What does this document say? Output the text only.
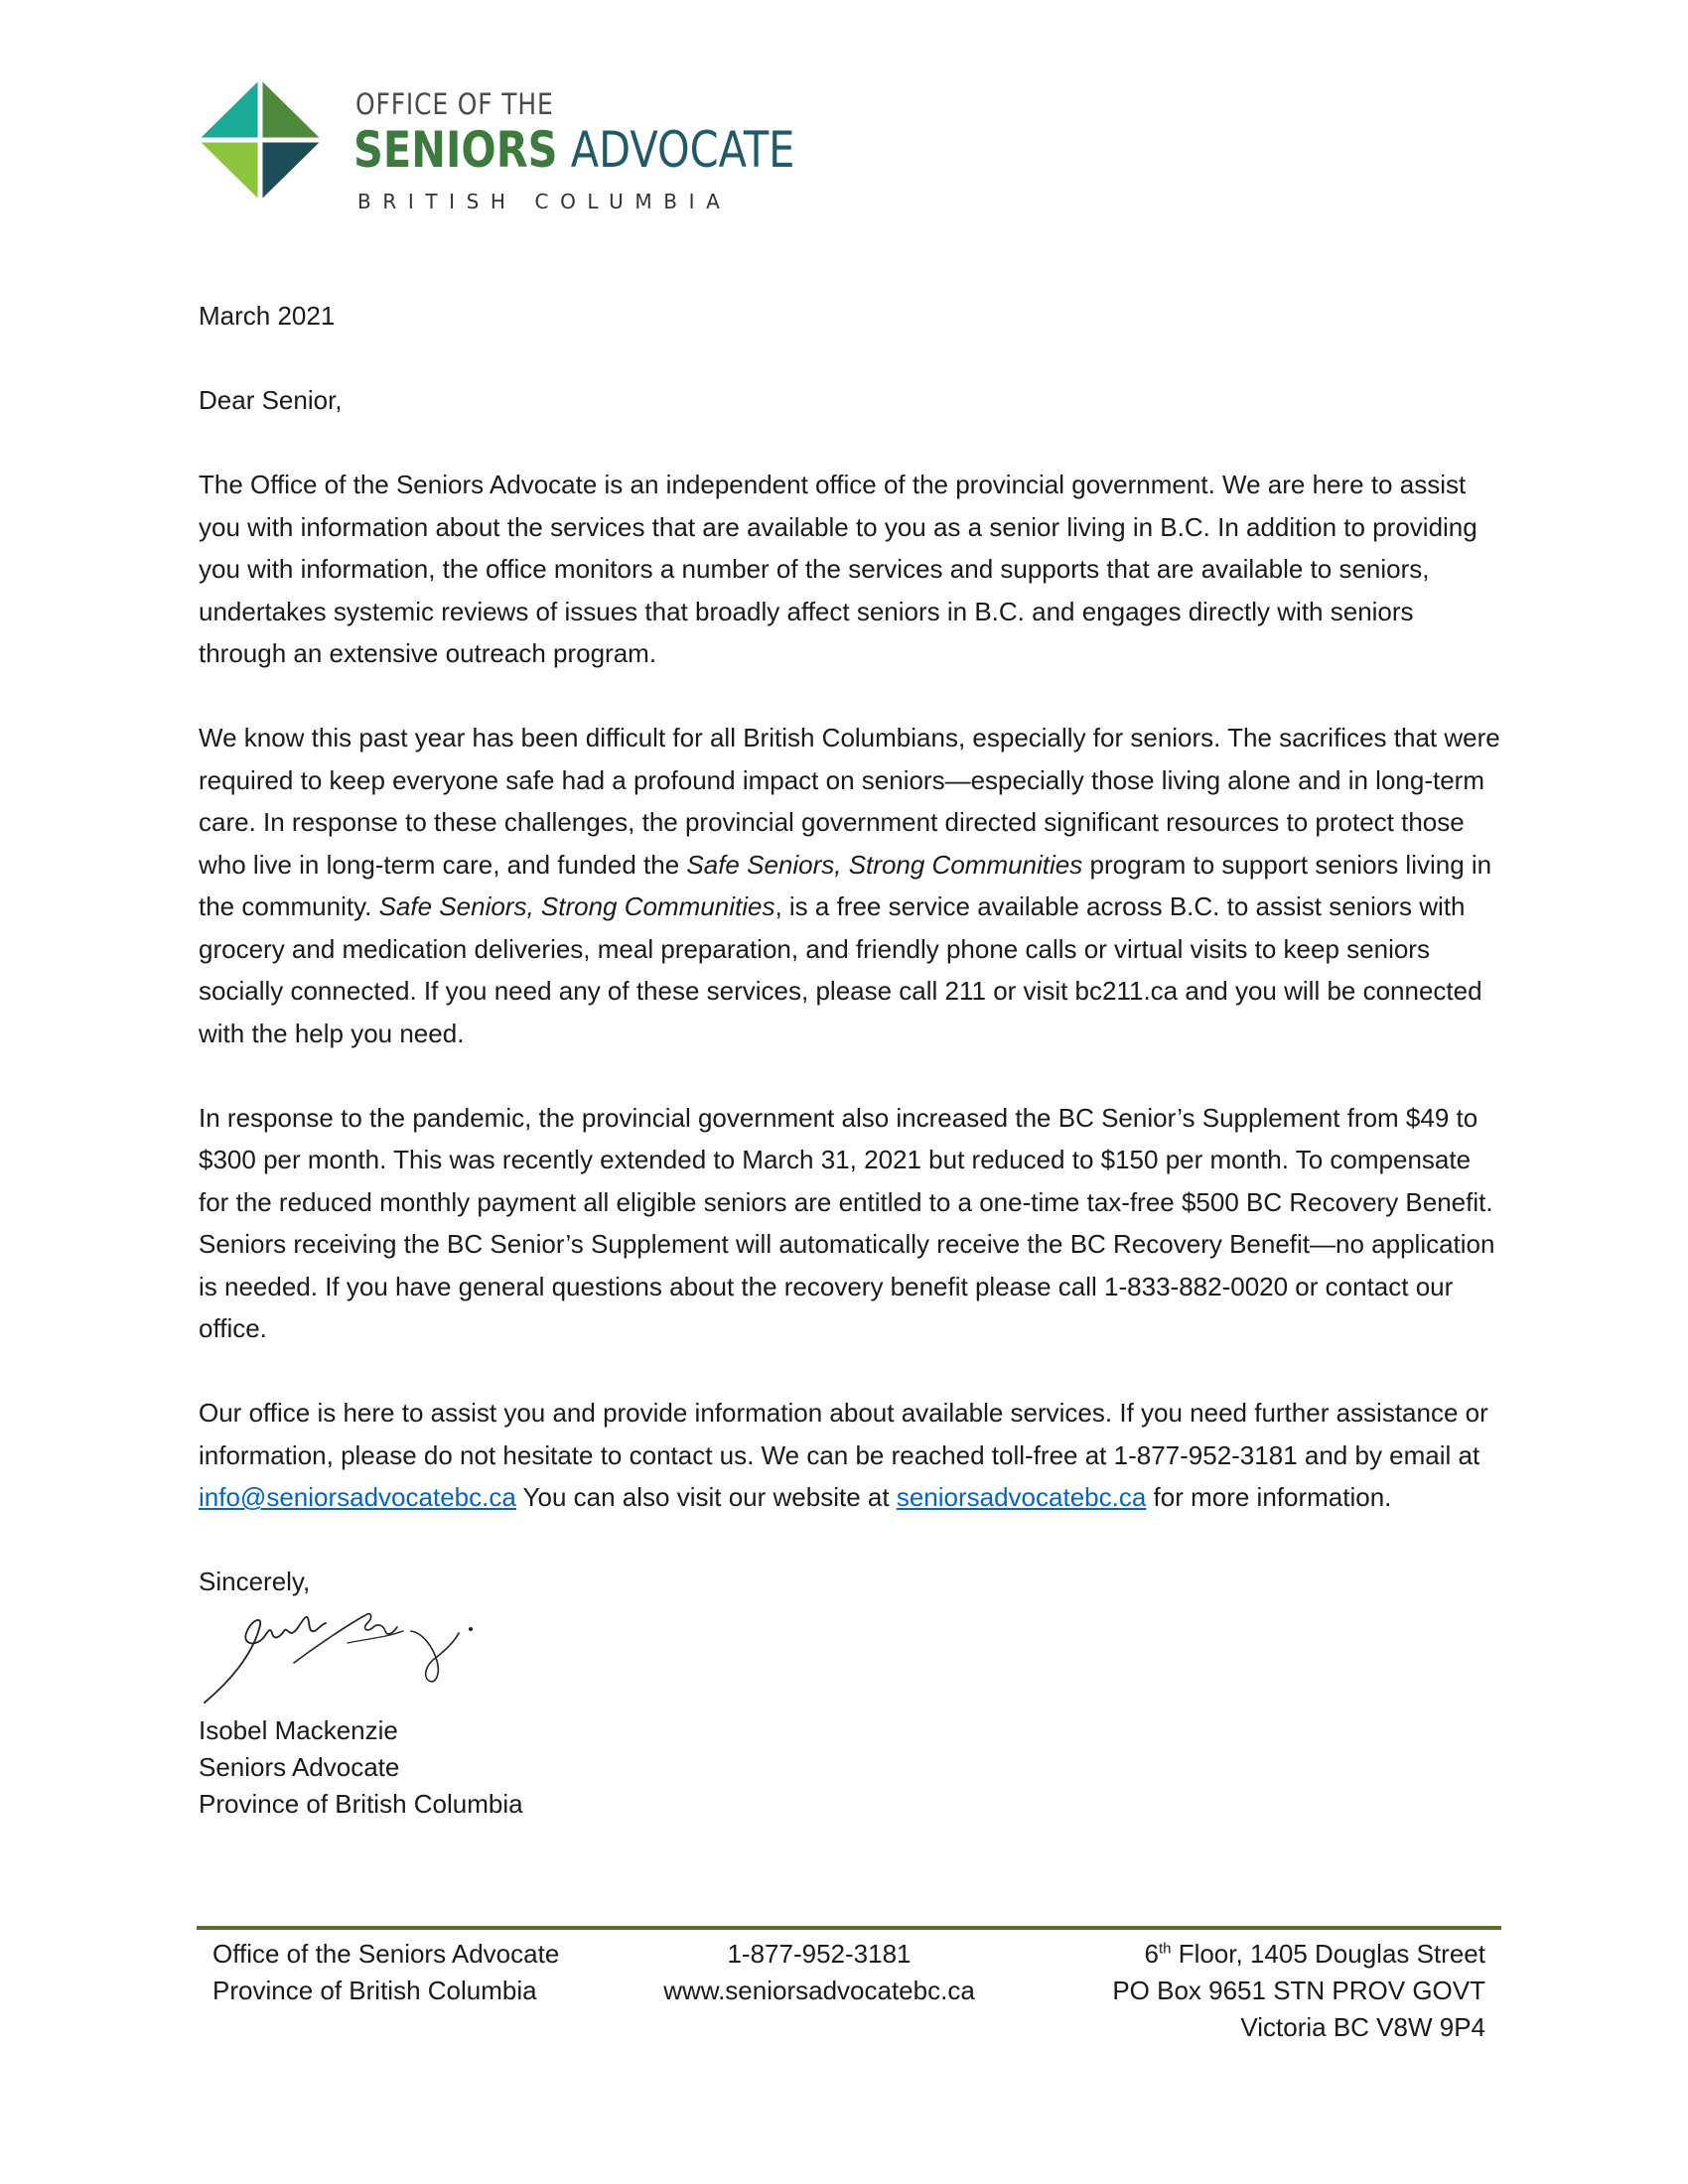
OFFICE OF THE
SENIORS ADVOCATE
BRITISH COLUMBIA

March 2021

Dear Senior,

The Office of the Seniors Advocate is an independent office of the provincial government. We are here to assist you with information about the services that are available to you as a senior living in B.C. In addition to providing you with information, the office monitors a number of the services and supports that are available to seniors, undertakes systemic reviews of issues that broadly affect seniors in B.C. and engages directly with seniors through an extensive outreach program.

We know this past year has been difficult for all British Columbians, especially for seniors. The sacrifices that were required to keep everyone safe had a profound impact on seniors—especially those living alone and in long-term care. In response to these challenges, the provincial government directed significant resources to protect those who live in long-term care, and funded the Safe Seniors, Strong Communities program to support seniors living in the community. Safe Seniors, Strong Communities, is a free service available across B.C. to assist seniors with grocery and medication deliveries, meal preparation, and friendly phone calls or virtual visits to keep seniors socially connected. If you need any of these services, please call 211 or visit bc211.ca and you will be connected with the help you need.

In response to the pandemic, the provincial government also increased the BC Senior’s Supplement from $49 to $300 per month. This was recently extended to March 31, 2021 but reduced to $150 per month. To compensate for the reduced monthly payment all eligible seniors are entitled to a one-time tax-free $500 BC Recovery Benefit. Seniors receiving the BC Senior’s Supplement will automatically receive the BC Recovery Benefit—no application is needed. If you have general questions about the recovery benefit please call 1-833-882-0020 or contact our office.

Our office is here to assist you and provide information about available services. If you need further assistance or information, please do not hesitate to contact us. We can be reached toll-free at 1-877-952-3181 and by email at info@seniorsadvocatebc.ca You can also visit our website at seniorsadvocatebc.ca for more information.

Sincerely,

Isobel Mackenzie

Seniors Advocate

Province of British Columbia

Office of the Seniors Advocate
Province of British Columbia
1-877-952-3181
www.seniorsadvocatebc.ca
6th Floor, 1405 Douglas Street
PO Box 9651 STN PROV GOVT
Victoria BC V8W 9P4
